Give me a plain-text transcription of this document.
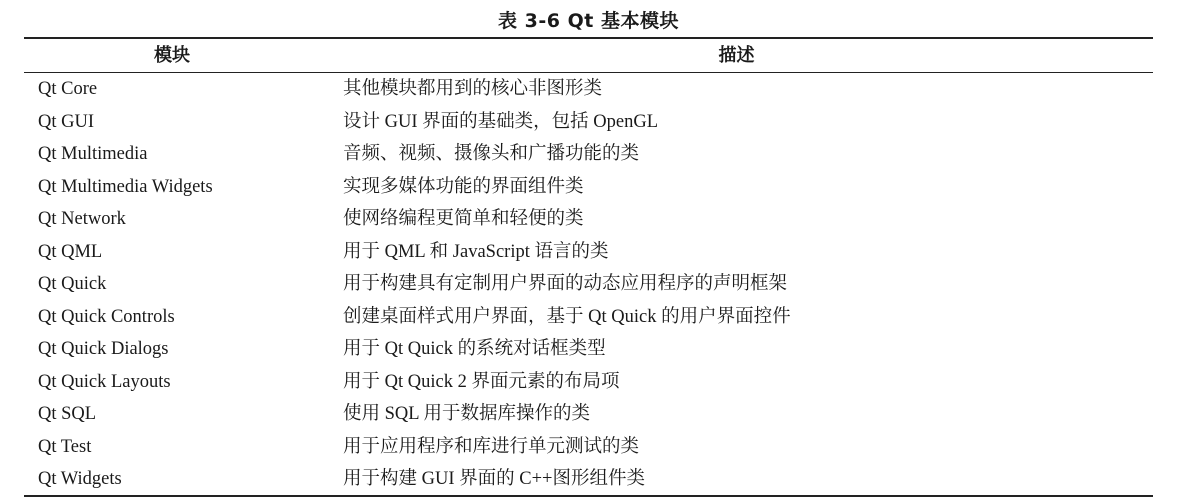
表 3-6 Qt 基本模块
模块	描述
Qt Core	其他模块都用到的核心非图形类
Qt GUI	设计 GUI 界面的基础类，包括 OpenGL
Qt Multimedia	音频、视频、摄像头和广播功能的类
Qt Multimedia Widgets	实现多媒体功能的界面组件类
Qt Network	使网络编程更简单和轻便的类
Qt QML	用于 QML 和 JavaScript 语言的类
Qt Quick	用于构建具有定制用户界面的动态应用程序的声明框架
Qt Quick Controls	创建桌面样式用户界面，基于 Qt Quick 的用户界面控件
Qt Quick Dialogs	用于 Qt Quick 的系统对话框类型
Qt Quick Layouts	用于 Qt Quick 2 界面元素的布局项
Qt SQL	使用 SQL 用于数据库操作的类
Qt Test	用于应用程序和库进行单元测试的类
Qt Widgets	用于构建 GUI 界面的 C++图形组件类
